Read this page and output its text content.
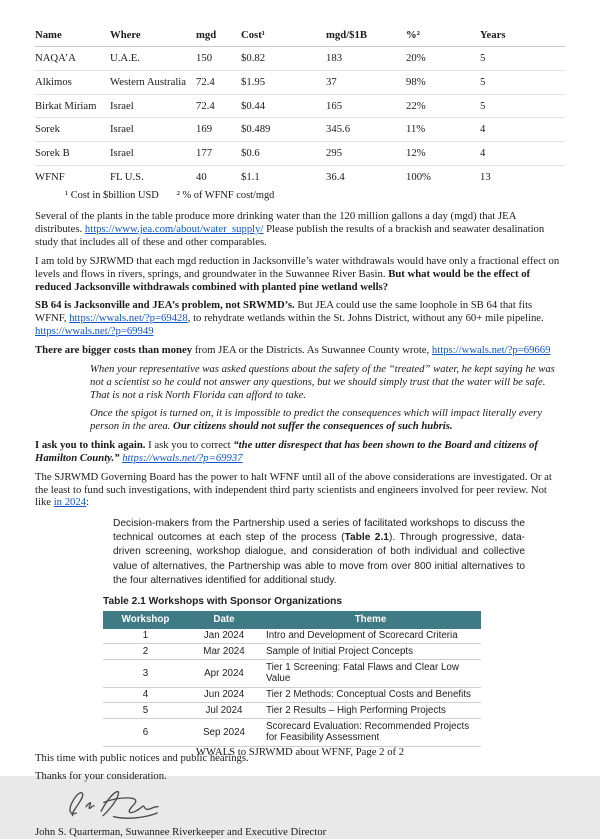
Name	Where	mgd	Cost¹	mgd/$1B	%²	Years
NAQA’A	U.A.E.	150	$0.82	183	20%	5
Alkimos	Western Australia	72.4	$1.95	37	98%	5
Birkat Miriam	Israel	72.4	$0.44	165	22%	5
Sorek	Israel	169	$0.489	345.6	11%	4
Sorek B	Israel	177	$0.6	295	12%	4
WFNF	FL U.S.	40	$1.1	36.4	100%	13
¹ Cost in $billion USD ² % of WFNF cost/mgd

Several of the plants in the table produce more drinking water than the 120 million gallons a day (mgd) that JEA distributes. https://www.jea.com/about/water_supply/ Please publish the results of a brackish and seawater desalination study that includes all of these and other comparables.

I am told by SJRWMD that each mgd reduction in Jacksonville’s water withdrawals would have only a fractional effect on levels and flows in rivers, springs, and groundwater in the Suwannee River Basin. But what would be the effect of reduced Jacksonville withdrawals combined with planted pine wetland wells?

SB 64 is Jacksonville and JEA’s problem, not SRWMD’s. But JEA could use the same loophole in SB 64 that fits WFNF, https://wwals.net/?p=69428, to rehydrate wetlands within the St. Johns District, without any 60+ mile pipeline. https://wwals.net/?p=69949

There are bigger costs than money from JEA or the Districts. As Suwannee County wrote, https://wwals.net/?p=69669

When your representative was asked questions about the safety of the “treated” water, he kept saying he was not a scientist so he could not answer any questions, but we should simply trust that the water will be safe. That is not a risk North Florida can afford to take.
Once the spigot is turned on, it is impossible to predict the consequences which will impact literally every person in the area. Our citizens should not suffer the consequences of such hubris.

I ask you to think again. I ask you to correct “the utter disrespect that has been shown to the Board and citizens of Hamilton County.” https://wwals.net/?p=69937

The SJRWMD Governing Board has the power to halt WFNF until all of the above considerations are investigated. Or at the least to fund such investigations, with independent third party scientists and engineers involved for peer review. Not like in 2024:

Decision-makers from the Partnership used a series of facilitated workshops to discuss the technical outcomes at each step of the process (Table 2.1). Through progressive, data-driven screening, workshop dialogue, and consideration of both individual and collective value of alternatives, the Partnership was able to move from over 800 initial alternatives to the four alternatives identified for additional study.
Table 2.1 Workshops with Sponsor Organizations
Workshop	Date	Theme
1	Jan 2024	Intro and Development of Scorecard Criteria
2	Mar 2024	Sample of Initial Project Concepts
3	Apr 2024	Tier 1 Screening: Fatal Flaws and Clear Low Value
4	Jun 2024	Tier 2 Methods: Conceptual Costs and Benefits
5	Jul 2024	Tier 2 Results – High Performing Projects
6	Sep 2024	Scorecard Evaluation: Recommended Projects for Feasibility Assessment

This time with public notices and public hearings.

Thanks for your consideration.

John S. Quarterman, Suwannee Riverkeeper and Executive Director

WWALS to SJRWMD about WFNF, Page 2 of 2
